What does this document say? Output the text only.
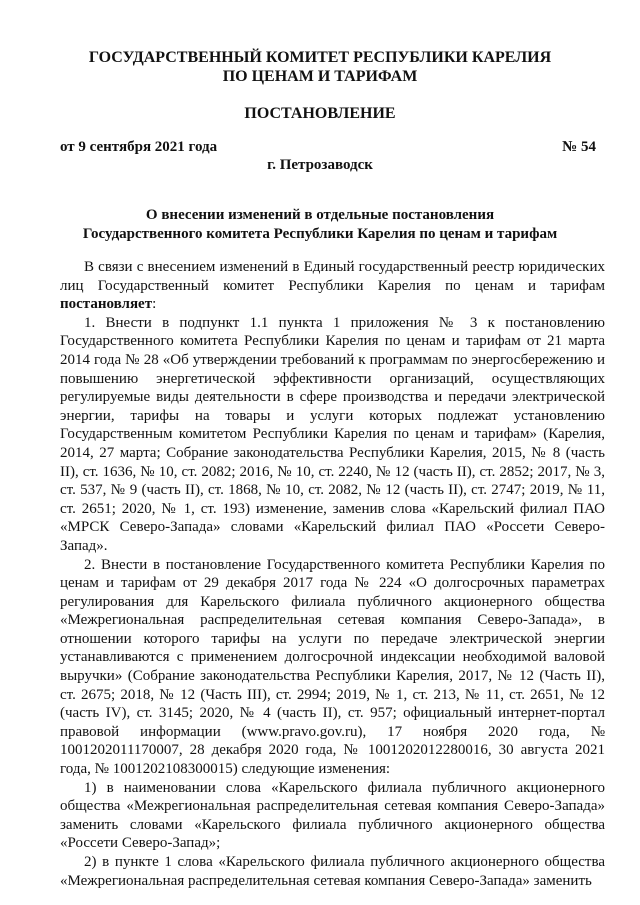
ГОСУДАРСТВЕННЫЙ КОМИТЕТ РЕСПУБЛИКИ КАРЕЛИЯ
ПО ЦЕНАМ И ТАРИФАМ
ПОСТАНОВЛЕНИЕ
от 9 сентября 2021 года	№ 54
г. Петрозаводск
О внесении изменений в отдельные постановления
Государственного комитета Республики Карелия по ценам и тарифам

В связи с внесением изменений в Единый государственный реестр юридических лиц Государственный комитет Республики Карелия по ценам и тарифам постановляет:

1. Внести в подпункт 1.1 пункта 1 приложения № 3 к постановлению Государственного комитета Республики Карелия по ценам и тарифам от 21 марта 2014 года № 28 «Об утверждении требований к программам по энергосбережению и повышению энергетической эффективности организаций, осуществляющих регулируемые виды деятельности в сфере производства и передачи электрической энергии, тарифы на товары и услуги которых подлежат установлению Государственным комитетом Республики Карелия по ценам и тарифам» (Карелия, 2014, 27 марта; Собрание законодательства Республики Карелия, 2015, № 8 (часть II), ст. 1636, № 10, ст. 2082; 2016, № 10, ст. 2240, № 12 (часть II), ст. 2852; 2017, № 3, ст. 537, № 9 (часть II), ст. 1868, № 10, ст. 2082, № 12 (часть II), ст. 2747; 2019, № 11, ст. 2651; 2020, № 1, ст. 193) изменение, заменив слова «Карельский филиал ПАО «МРСК Северо-Запада» словами «Карельский филиал ПАО «Россети Северо-Запад».

2. Внести в постановление Государственного комитета Республики Карелия по ценам и тарифам от 29 декабря 2017 года № 224 «О долгосрочных параметрах регулирования для Карельского филиала публичного акционерного общества «Межрегиональная распределительная сетевая компания Северо-Запада», в отношении которого тарифы на услуги по передаче электрической энергии устанавливаются с применением долгосрочной индексации необходимой валовой выручки» (Собрание законодательства Республики Карелия, 2017, № 12 (Часть II), ст. 2675; 2018, № 12 (Часть III), ст. 2994; 2019, № 1, ст. 213, № 11, ст. 2651, № 12 (часть IV), ст. 3145; 2020, № 4 (часть II), ст. 957; официальный интернет-портал правовой информации (www.pravo.gov.ru), 17 ноября 2020 года, № 1001202011170007, 28 декабря 2020 года, № 1001202012280016, 30 августа 2021 года, № 1001202108300015) следующие изменения:

1) в наименовании слова «Карельского филиала публичного акционерного общества «Межрегиональная распределительная сетевая компания Северо-Запада» заменить словами «Карельского филиала публичного акционерного общества «Россети Северо-Запад»;

2) в пункте 1 слова «Карельского филиала публичного акционерного общества «Межрегиональная распределительная сетевая компания Северо-Запада» заменить
